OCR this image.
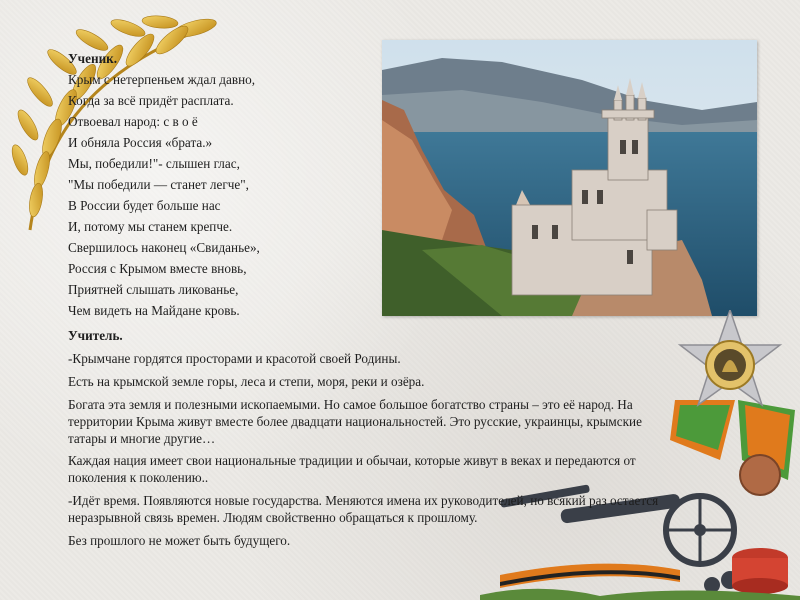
Ученик.
Крым с нетерпеньем ждал давно,
Когда за всё придёт расплата.
Отвоевал народ: с в о ё
И обняла Россия «брата.»
Мы, победили!"- слышен глас,
"Мы победили — станет легче",
В России будет больше нас
И, потому мы станем крепче.
Свершилось наконец «Свиданье»,
Россия с Крымом вместе вновь,
Приятней слышать ликованье,
Чем видеть на Майдане кровь.
Учитель.

-Крымчане гордятся просторами и красотой своей Родины.

Есть на крымской земле горы, леса и степи, моря, реки и озёра.

Богата эта земля и полезными ископаемыми. Но самое большое богатство страны – это её народ. На территории Крыма живут вместе более двадцати национальностей. Это русские, украинцы, крымские татары и многие другие…

Каждая нация имеет свои национальные традиции и обычаи, которые живут в веках и передаются от поколения к поколению..

-Идёт время. Появляются новые государства. Меняются имена их руководителей, но всякий раз остается неразрывной связь времен. Людям свойственно обращаться к прошлому.

Без прошлого не может быть будущего.
